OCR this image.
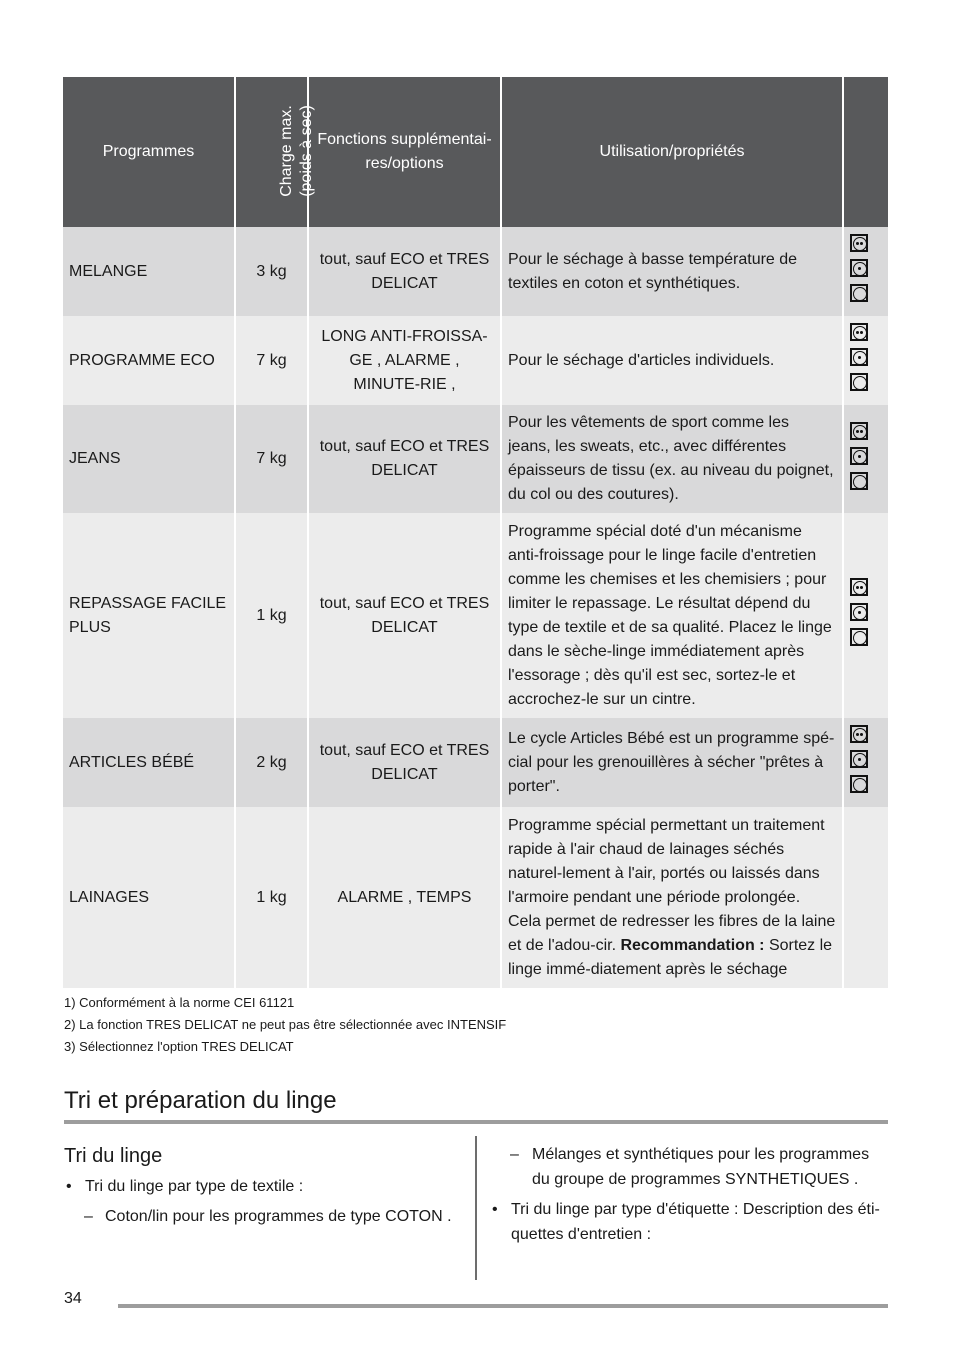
Programmes	Charge max. (poids à sec)	Fonctions supplémentai-res/options	Utilisation/propriétés	Étiquette d'entretien
MELANGE	3 kg	tout, sauf ECO et TRES DELICAT	Pour le séchage à basse température de textiles en coton et synthétiques.	

PROGRAMME ECO	7 kg	LONG ANTI-FROISSA-GE , ALARME , MINUTE-RIE ,	Pour le séchage d'articles individuels.	

JEANS	7 kg	tout, sauf ECO et TRES DELICAT	Pour les vêtements de sport comme les jeans, les sweats, etc., avec différentes épaisseurs de tissu (ex. au niveau du poignet, du col ou des coutures).	

REPASSAGE FACILE PLUS	1 kg	tout, sauf ECO et TRES DELICAT	Programme spécial doté d'un mécanisme anti-froissage pour le linge facile d'entretien comme les chemises et les chemisiers ; pour limiter le repassage. Le résultat dépend du type de textile et de sa qualité. Placez le linge dans le sèche-linge immédiatement après l'essorage ; dès qu'il est sec, sortez-le et accrochez-le sur un cintre.	

ARTICLES BÉBÉ	2 kg	tout, sauf ECO et TRES DELICAT	Le cycle Articles Bébé est un programme spé-cial pour les grenouillères à sécher "prêtes à porter".	

LAINAGES	1 kg	ALARME , TEMPS	Programme spécial permettant un traitement rapide à l'air chaud de lainages séchés naturel-lement à l'air, portés ou laissés dans l'armoire pendant une période prolongée. Cela permet de redresser les fibres de la laine et de l'adou-cir. Recommandation : Sortez le linge immé-diatement après le séchage	
1) Conformément à la norme CEI 61121
2) La fonction TRES DELICAT ne peut pas être sélectionnée avec INTENSIF
3) Sélectionnez l'option TRES DELICAT
Tri et préparation du linge
Tri du linge
• Tri du linge par type de textile :
– Coton/lin pour les programmes de type COTON .
– Mélanges et synthétiques pour les programmes du groupe de programmes SYNTHETIQUES .
• Tri du linge par type d'étiquette : Description des éti-quettes d'entretien :
34
